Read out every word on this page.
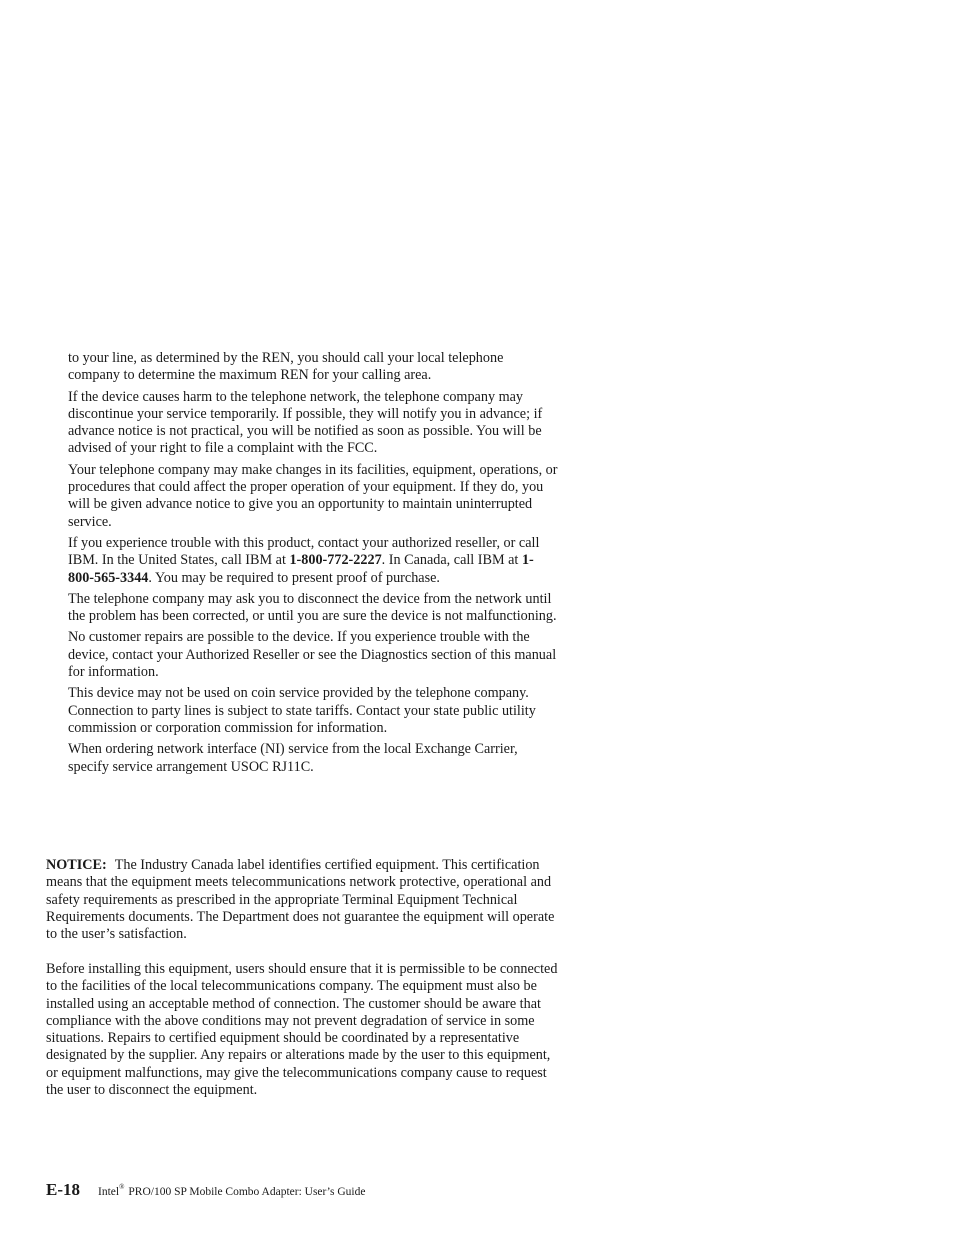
to your line, as determined by the REN, you should call your local telephone company to determine the maximum REN for your calling area.

If the device causes harm to the telephone network, the telephone company may discontinue your service temporarily. If possible, they will notify you in advance; if advance notice is not practical, you will be notified as soon as possible. You will be advised of your right to file a complaint with the FCC.

Your telephone company may make changes in its facilities, equipment, operations, or procedures that could affect the proper operation of your equipment. If they do, you will be given advance notice to give you an opportunity to maintain uninterrupted service.

If you experience trouble with this product, contact your authorized reseller, or call IBM. In the United States, call IBM at 1-800-772-2227. In Canada, call IBM at 1-800-565-3344. You may be required to present proof of purchase.

The telephone company may ask you to disconnect the device from the network until the problem has been corrected, or until you are sure the device is not malfunctioning.

No customer repairs are possible to the device. If you experience trouble with the device, contact your Authorized Reseller or see the Diagnostics section of this manual for information.

This device may not be used on coin service provided by the telephone company. Connection to party lines is subject to state tariffs. Contact your state public utility commission or corporation commission for information.

When ordering network interface (NI) service from the local Exchange Carrier, specify service arrangement USOC RJ11C.

NOTICE: The Industry Canada label identifies certified equipment. This certification means that the equipment meets telecommunications network protective, operational and safety requirements as prescribed in the appropriate Terminal Equipment Technical Requirements documents. The Department does not guarantee the equipment will operate to the user’s satisfaction.

Before installing this equipment, users should ensure that it is permissible to be connected to the facilities of the local telecommunications company. The equipment must also be installed using an acceptable method of connection. The customer should be aware that compliance with the above conditions may not prevent degradation of service in some situations. Repairs to certified equipment should be coordinated by a representative designated by the supplier. Any repairs or alterations made by the user to this equipment, or equipment malfunctions, may give the telecommunications company cause to request the user to disconnect the equipment.

E-18 Intel® PRO/100 SP Mobile Combo Adapter: User’s Guide
